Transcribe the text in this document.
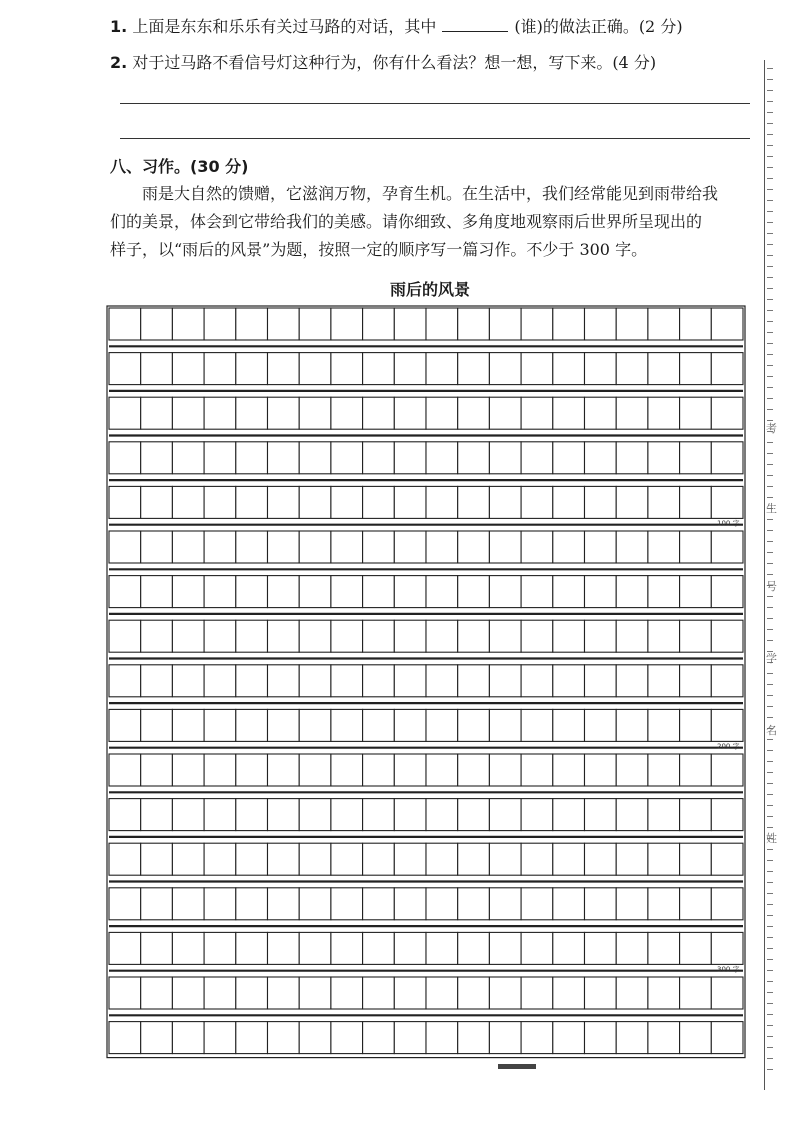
1. 上面是东东和乐乐有关过马路的对话，其中	(谁)的做法正确。(2 分)
2. 对于过马路不看信号灯这种行为，你有什么看法？想一想，写下来。(4 分)
八、习作。(30 分)
雨是大自然的馈赠，它滋润万物，孕育生机。在生活中，我们经常能见到雨带给我
们的美景，体会到它带给我们的美感。请你细致、多角度地观察雨后世界所呈现出的
样子，以“雨后的风景”为题，按照一定的顺序写一篇习作。不少于 300 字。
雨后的风景
100 字
200 字
300 字
考
生
号
学
名
姓
